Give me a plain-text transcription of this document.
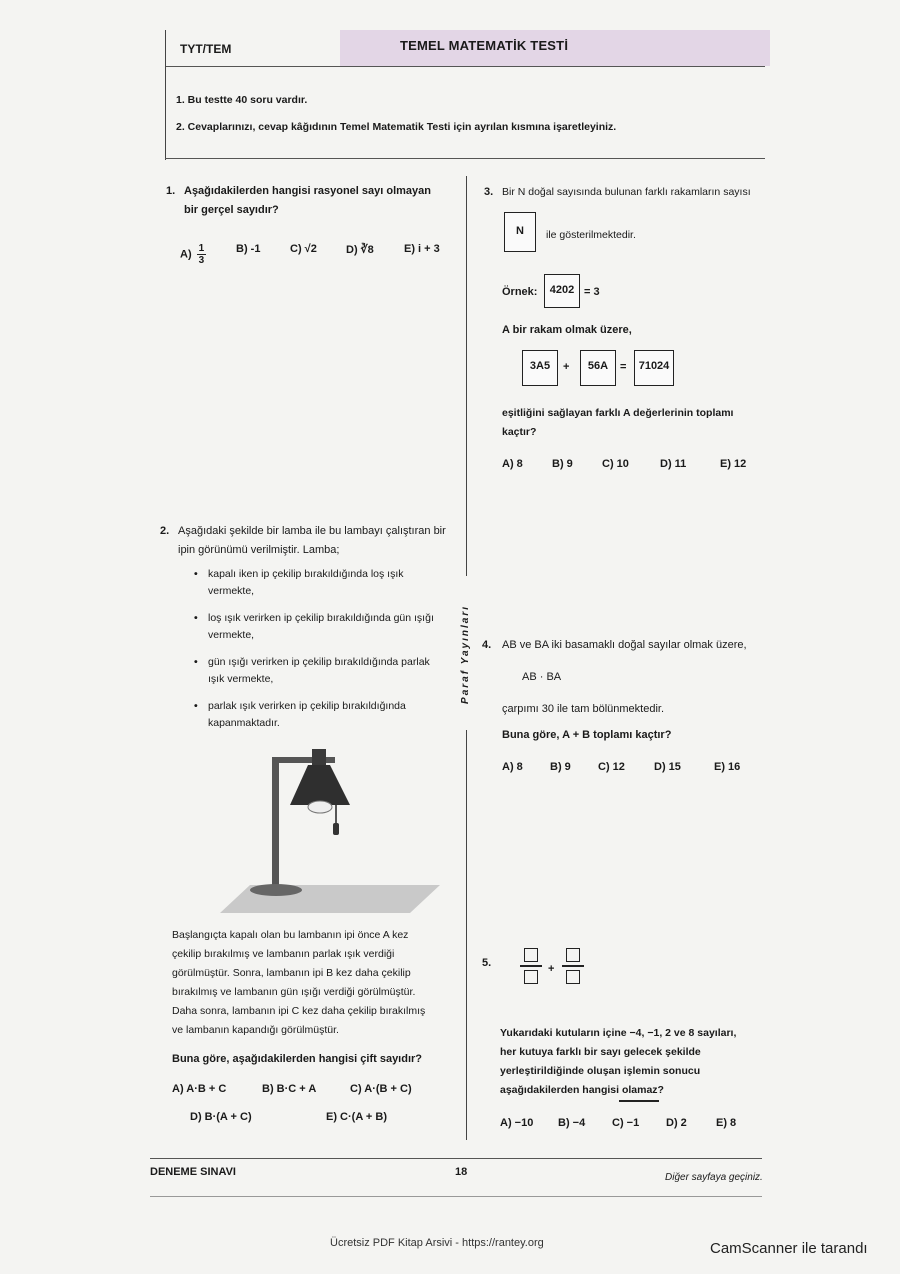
TYT/TEM	TEMEL MATEMATİK TESTİ
1. Bu testte 40 soru vardır.
2. Cevaplarınızı, cevap kâğıdının Temel Matematik Testi için ayrılan kısmına işaretleyiniz.
Paraf Yayınları
1. Aşağıdakilerden hangisi rasyonel sayı olmayan
bir gerçel sayıdır?
$A) \frac{1}{3}$	B) -1	C) √2	D) ∛8	E) i + 3
2. Aşağıdaki şekilde bir lamba ile bu lambayı çalıştıran bir
ipin görünümü verilmiştir. Lamba;
• kapalı iken ip çekilip bırakıldığında loş ışık
vermekte,
• loş ışık verirken ip çekilip bırakıldığında gün ışığı
vermekte,
• gün ışığı verirken ip çekilip bırakıldığında parlak
ışık vermekte,
• parlak ışık verirken ip çekilip bırakıldığında
kapanmaktadır.
Başlangıçta kapalı olan bu lambanın ipi önce A kez
çekilip bırakılmış ve lambanın parlak ışık verdiği
görülmüştür. Sonra, lambanın ipi B kez daha çekilip
bırakılmış ve lambanın gün ışığı verdiği görülmüştür.
Daha sonra, lambanın ipi C kez daha çekilip bırakılmış
ve lambanın kapandığı görülmüştür.
Buna göre, aşağıdakilerden hangisi çift sayıdır?
A) A·B + C	B) B·C + A	C) A·(B + C)
D) B·(A + C)	E) C·(A + B)
3. Bir N doğal sayısında bulunan farklı rakamların sayısı
N	ile gösterilmektedir.
Örnek:	4202 = 3
A bir rakam olmak üzere,
3A5	+	56A	=	71024
eşitliğini sağlayan farklı A değerlerinin toplamı
kaçtır?
A) 8	B) 9	C) 10	D) 11	E) 12
4. AB ve BA iki basamaklı doğal sayılar olmak üzere,
AB · BA
çarpımı 30 ile tam bölünmektedir.
Buna göre, A + B toplamı kaçtır?
A) 8 B) 9 C) 12	D) 15	E) 16
5.	+
Yukarıdaki kutuların içine −4, −1, 2 ve 8 sayıları,
her kutuya farklı bir sayı gelecek şekilde
yerleştirildiğinde oluşan işlemin sonucu
aşağıdakilerden hangisi olamaz?
A) −10 B) −4 C) −1 D) 2	E) 8
DENEME SINAVI	18	Diğer sayfaya geçiniz.
Ücretsiz PDF Kitap Arsivi - https://rantey.org	CamScanner ile tarandı
